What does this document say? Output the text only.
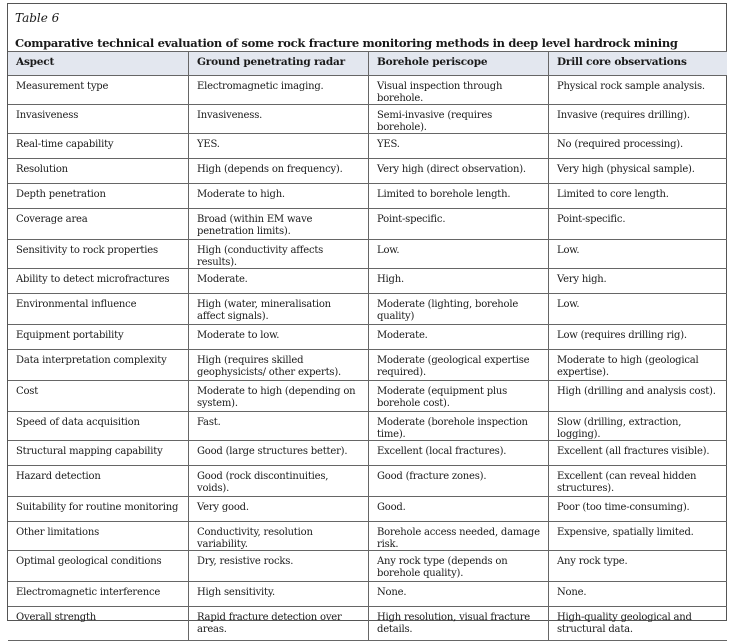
Table 6
Comparative technical evaluation of some rock fracture monitoring methods in deep level hardrock mining
Aspect	Ground penetrating radar	Borehole periscope	Drill core observations
Measurement type	Electromagnetic imaging.	Visual inspection through borehole.	Physical rock sample analysis.
Invasiveness	Invasiveness.	Semi-invasive (requires borehole).	Invasive (requires drilling).
Real-time capability	YES.	YES.	No (required processing).
Resolution	High (depends on frequency).	Very high (direct observation).	Very high (physical sample).
Depth penetration	Moderate to high.	Limited to borehole length.	Limited to core length.
Coverage area	Broad (within EM wave penetration limits).	Point-specific.	Point-specific.
Sensitivity to rock properties	High (conductivity affects results).	Low.	Low.
Ability to detect microfractures	Moderate.	High.	Very high.
Environmental influence	High (water, mineralisation affect signals).	Moderate (lighting, borehole quality)	Low.
Equipment portability	Moderate to low.	Moderate.	Low (requires drilling rig).
Data interpretation complexity	High (requires skilled geophysicists/ other experts).	Moderate (geological expertise required).	Moderate to high (geological expertise).
Cost	Moderate to high (depending on system).	Moderate (equipment plus borehole cost).	High (drilling and analysis cost).
Speed of data acquisition	Fast.	Moderate (borehole inspection time).	Slow (drilling, extraction, logging).
Structural mapping capability	Good (large structures better).	Excellent (local fractures).	Excellent (all fractures visible).
Hazard detection	Good (rock discontinuities, voids).	Good (fracture zones).	Excellent (can reveal hidden structures).
Suitability for routine monitoring	Very good.	Good.	Poor (too time-consuming).
Other limitations	Conductivity, resolution variability.	Borehole access needed, damage risk.	Expensive, spatially limited.
Optimal geological conditions	Dry, resistive rocks.	Any rock type (depends on borehole quality).	Any rock type.
Electromagnetic interference	High sensitivity.	None.	None.
Overall strength	Rapid fracture detection over areas.	High resolution, visual fracture details.	High-quality geological and structural data.
